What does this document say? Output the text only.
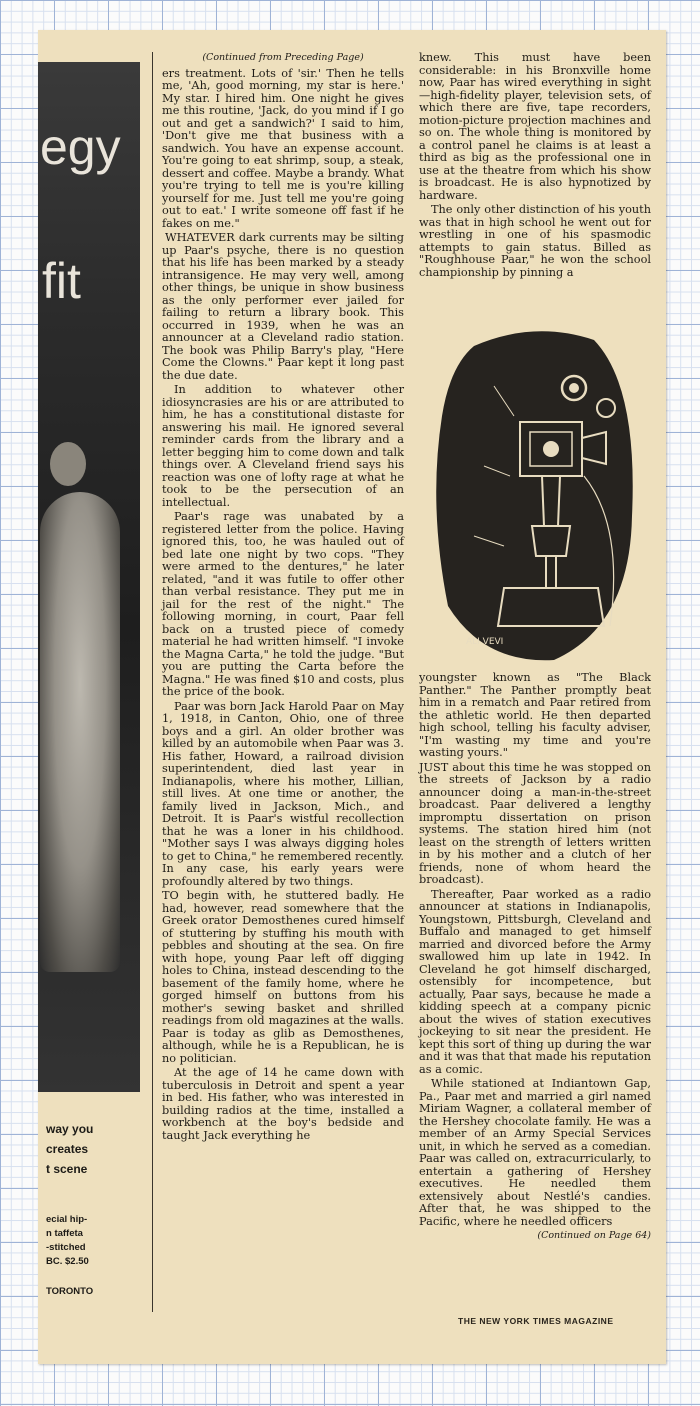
egy
fit
way you
creates
t scene
ecial hip-
n taffeta
-stitched
BC. $2.50
TORONTO
(Continued from Preceding Page)

ers treatment. Lots of 'sir.' Then he tells me, 'Ah, good morning, my star is here.' My star. I hired him. One night he gives me this routine, 'Jack, do you mind if I go out and get a sandwich?' I said to him, 'Don't give me that business with a sandwich. You have an expense account. You're going to eat shrimp, soup, a steak, dessert and coffee. Maybe a brandy. What you're trying to tell me is you're killing yourself for me. Just tell me you're going out to eat.' I write someone off fast if he fakes on me."

WHATEVER dark currents may be silting up Paar's psyche, there is no question that his life has been marked by a steady intransigence. He may very well, among other things, be unique in show business as the only performer ever jailed for failing to return a library book. This occurred in 1939, when he was an announcer at a Cleveland radio station. The book was Philip Barry's play, "Here Come the Clowns." Paar kept it long past the due date.

In addition to whatever other idiosyncrasies are his or are attributed to him, he has a constitutional distaste for answering his mail. He ignored several reminder cards from the library and a letter begging him to come down and talk things over. A Cleveland friend says his reaction was one of lofty rage at what he took to be the persecution of an intellectual.

Paar's rage was unabated by a registered letter from the police. Having ignored this, too, he was hauled out of bed late one night by two cops. "They were armed to the dentures," he later related, "and it was futile to offer other than verbal resistance. They put me in jail for the rest of the night." The following morning, in court, Paar fell back on a trusted piece of comedy material he had written himself. "I invoke the Magna Carta," he told the judge. "But you are putting the Carta before the Magna." He was fined $10 and costs, plus the price of the book.

Paar was born Jack Harold Paar on May 1, 1918, in Canton, Ohio, one of three boys and a girl. An older brother was killed by an automobile when Paar was 3. His father, Howard, a railroad division superintendent, died last year in Indianapolis, where his mother, Lillian, still lives. At one time or another, the family lived in Jackson, Mich., and Detroit. It is Paar's wistful recollection that he was a loner in his childhood. "Mother says I was always digging holes to get to China," he remembered recently. In any case, his early years were profoundly altered by two things.

TO begin with, he stuttered badly. He had, however, read somewhere that the Greek orator Demosthenes cured himself of stuttering by stuffing his mouth with pebbles and shouting at the sea. On fire with hope, young Paar left off digging holes to China, instead descending to the basement of the family home, where he gorged himself on buttons from his mother's sewing basket and shrilled readings from old magazines at the walls. Paar is today as glib as Demosthenes, although, while he is a Republican, he is no politician.

At the age of 14 he came down with tuberculosis in Detroit and spent a year in bed. His father, who was interested in building radios at the time, installed a workbench at the boy's bedside and taught Jack everything he

knew. This must have been considerable: in his Bronxville home now, Paar has wired everything in sight—high-fidelity player, television sets, of which there are five, tape recorders, motion-picture projection machines and so on. The whole thing is monitored by a control panel he claims is at least a third as big as the professional one in use at the theatre from which his show is broadcast. He is also hypnotized by hardware.

The only other distinction of his youth was that in high school he went out for wrestling in one of his spasmodic attempts to gain status. Billed as "Roughhouse Paar," he won the school championship by pinning a

ALI VEVI

youngster known as "The Black Panther." The Panther promptly beat him in a rematch and Paar retired from the athletic world. He then departed high school, telling his faculty adviser, "I'm wasting my time and you're wasting yours."

JUST about this time he was stopped on the streets of Jackson by a radio announcer doing a man-in-the-street broadcast. Paar delivered a lengthy impromptu dissertation on prison systems. The station hired him (not least on the strength of letters written in by his mother and a clutch of her friends, none of whom heard the broadcast).

Thereafter, Paar worked as a radio announcer at stations in Indianapolis, Youngstown, Pittsburgh, Cleveland and Buffalo and managed to get himself married and divorced before the Army swallowed him up late in 1942. In Cleveland he got himself discharged, ostensibly for incompetence, but actually, Paar says, because he made a kidding speech at a company picnic about the wives of station executives jockeying to sit near the president. He kept this sort of thing up during the war and it was that that made his reputation as a comic.

While stationed at Indiantown Gap, Pa., Paar met and married a girl named Miriam Wagner, a collateral member of the Hershey chocolate family. He was a member of an Army Special Services unit, in which he served as a comedian. Paar was called on, extracurricularly, to entertain a gathering of Hershey executives. He needled them extensively about Nestlé's candies. After that, he was shipped to the Pacific, where he needled officers

(Continued on Page 64)
THE NEW YORK TIMES MAGAZINE
